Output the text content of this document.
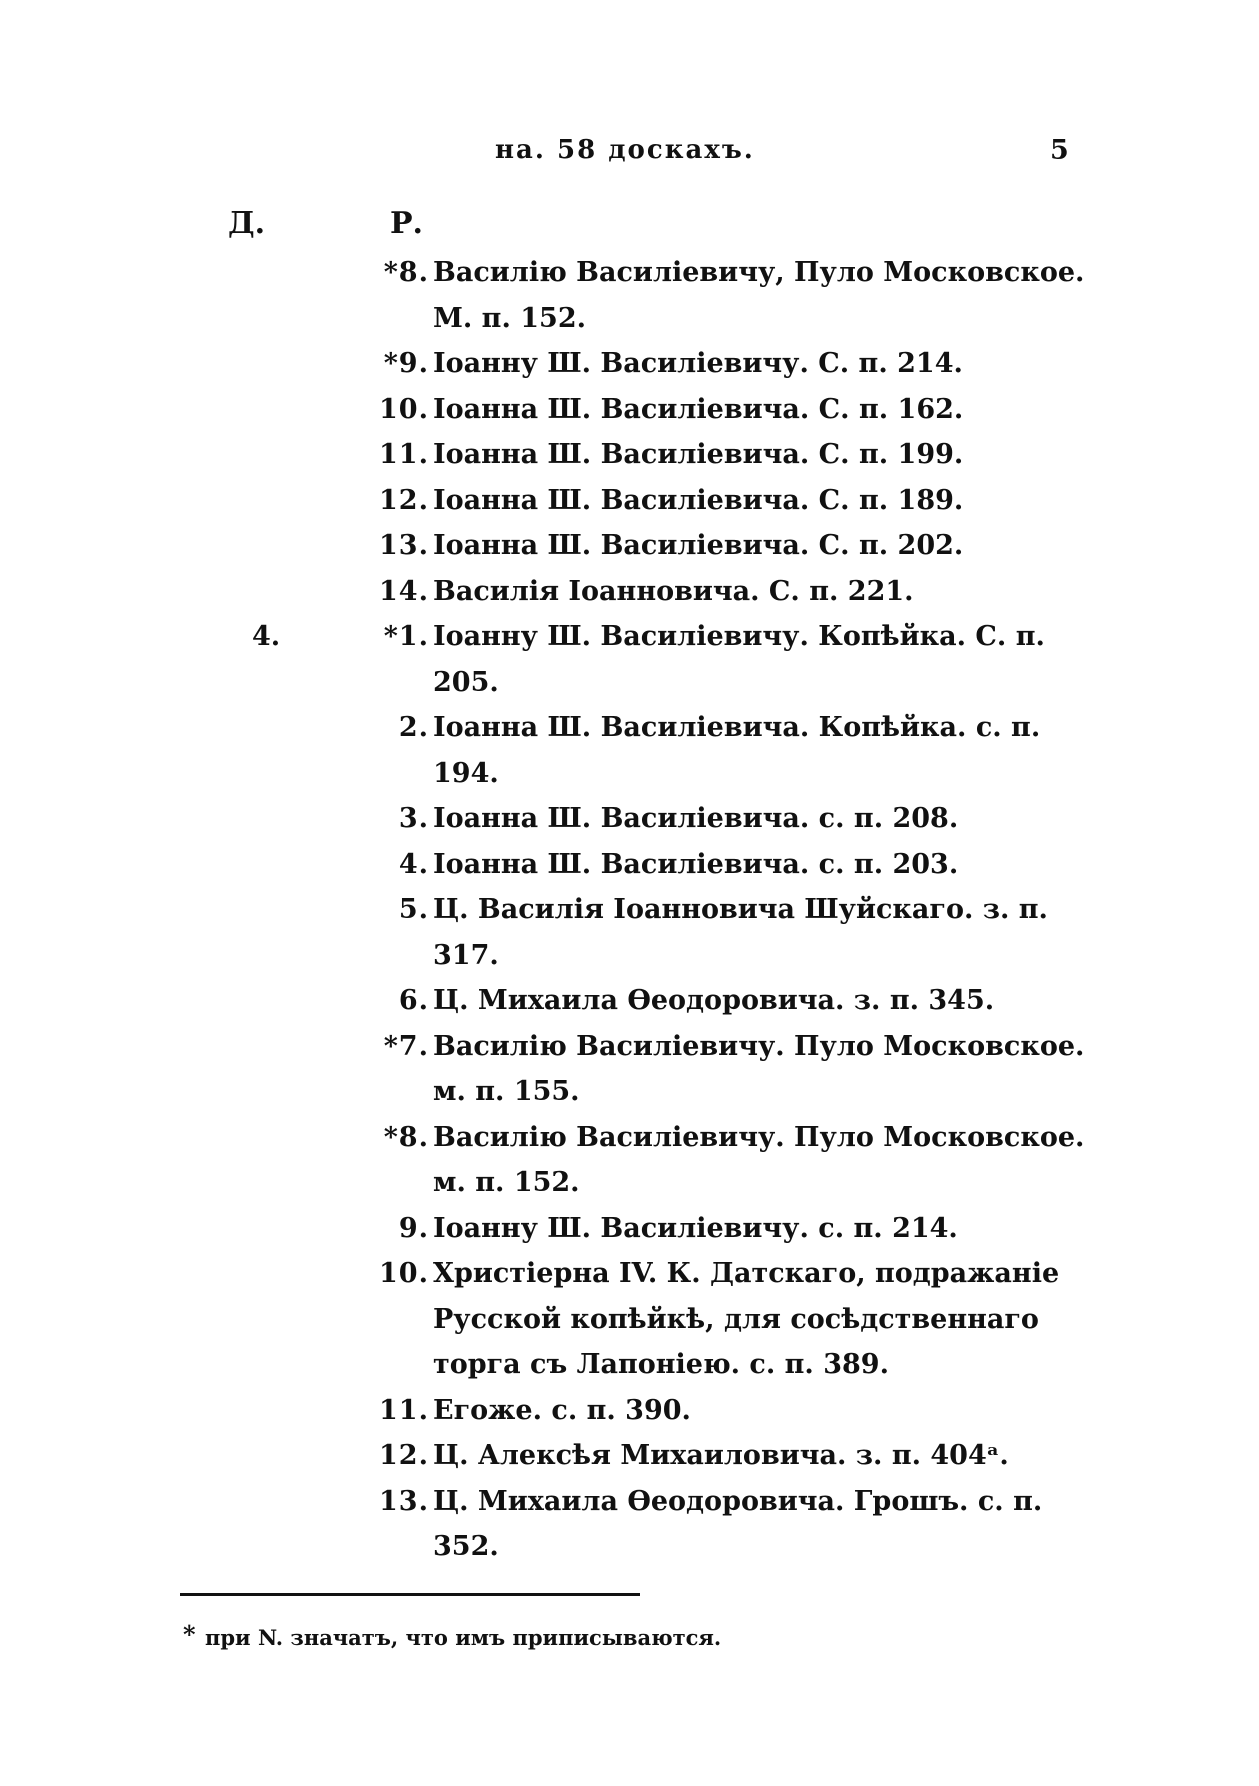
на. 58 доскахъ.	5
Д.	Р.
*8. Василію Василіевичу, Пуло Московское.
М. п. 152.
*9. Іоанну Ш. Василіевичу. С. п. 214.
10. Іоанна Ш. Василіевича. С. п. 162.
11. Іоанна Ш. Василіевича. С. п. 199.
12. Іоанна Ш. Василіевича. С. п. 189.
13. Іоанна Ш. Василіевича. С. п. 202.
14. Василія Іоанновича. С. п. 221.
4.	*1. Іоанну Ш. Василіевичу. Копѣйка. С. п.
205.
2. Іоанна Ш. Василіевича. Копѣйка. с. п.
194.
3. Іоанна Ш. Василіевича. с. п. 208.
4. Іоанна Ш. Василіевича. с. п. 203.
5. Ц. Василія Іоанновича Шуйскаго. з. п.
317.
6. Ц. Михаила Ѳеодоровича. з. п. 345.
*7. Василію Василіевичу. Пуло Московское.
м. п. 155.
*8. Василію Василіевичу. Пуло Московское.
м. п. 152.
9. Іоанну Ш. Василіевичу. с. п. 214.
10. Христіерна IV. К. Датскаго, подражаніе
Русской копѣйкѣ, для сосѣдственнаго
торга съ Лапоніею. с. п. 389.
11. Егоже. с. п. 390.
12. Ц. Алексѣя Михаиловича. з. п. 404ᵃ.
13. Ц. Михаила Ѳеодоровича. Грошъ. с. п.
352.
* при N. значатъ, что имъ приписываются.
